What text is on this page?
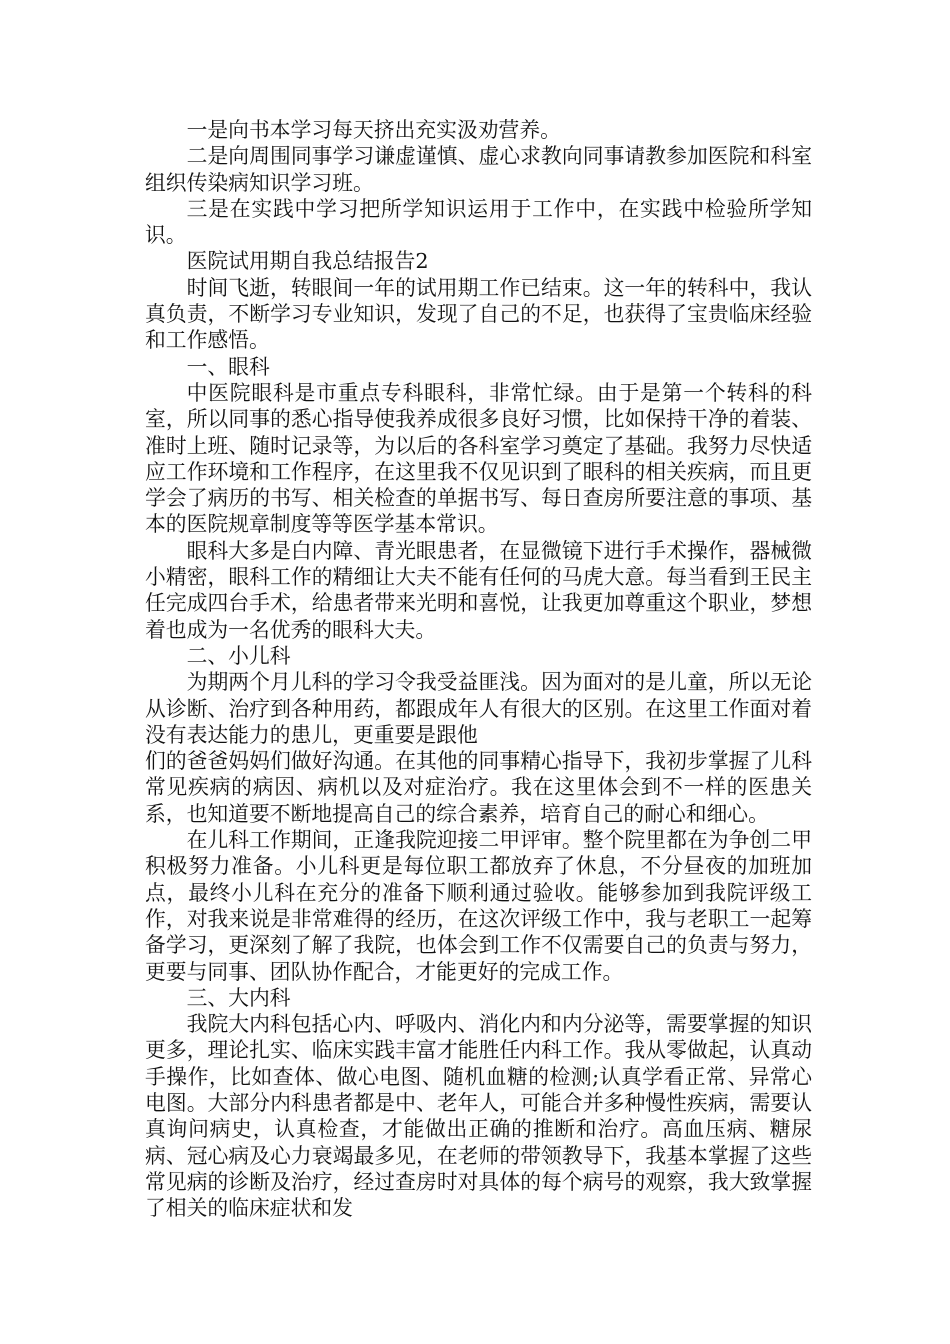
一是向书本学习每天挤出充实汲劝营养。

二是向周围同事学习谦虚谨慎、虚心求教向同事请教参加医院和科室组织传染病知识学习班。

三是在实践中学习把所学知识运用于工作中，在实践中检验所学知识。

医院试用期自我总结报告2

时间飞逝，转眼间一年的试用期工作已结束。这一年的转科中，我认真负责，不断学习专业知识，发现了自己的不足，也获得了宝贵临床经验和工作感悟。

一、眼科

中医院眼科是市重点专科眼科，非常忙绿。由于是第一个转科的科室，所以同事的悉心指导使我养成很多良好习惯，比如保持干净的着装、准时上班、随时记录等，为以后的各科室学习奠定了基础。我努力尽快适应工作环境和工作程序，在这里我不仅见识到了眼科的相关疾病，而且更学会了病历的书写、相关检查的单据书写、每日查房所要注意的事项、基本的医院规章制度等等医学基本常识。

眼科大多是白内障、青光眼患者，在显微镜下进行手术操作，器械微小精密，眼科工作的精细让大夫不能有任何的马虎大意。每当看到王民主任完成四台手术，给患者带来光明和喜悦，让我更加尊重这个职业，梦想着也成为一名优秀的眼科大夫。

二、小儿科

为期两个月儿科的学习令我受益匪浅。因为面对的是儿童，所以无论从诊断、治疗到各种用药，都跟成年人有很大的区别。在这里工作面对着没有表达能力的患儿，更重要是跟他

们的爸爸妈妈们做好沟通。在其他的同事精心指导下，我初步掌握了儿科常见疾病的病因、病机以及对症治疗。我在这里体会到不一样的医患关系，也知道要不断地提高自己的综合素养，培育自己的耐心和细心。

在儿科工作期间，正逢我院迎接二甲评审。整个院里都在为争创二甲积极努力准备。小儿科更是每位职工都放弃了休息，不分昼夜的加班加点，最终小儿科在充分的准备下顺利通过验收。能够参加到我院评级工作，对我来说是非常难得的经历，在这次评级工作中，我与老职工一起筹备学习，更深刻了解了我院，也体会到工作不仅需要自己的负责与努力，更要与同事、团队协作配合，才能更好的完成工作。

三、大内科

我院大内科包括心内、呼吸内、消化内和内分泌等，需要掌握的知识更多，理论扎实、临床实践丰富才能胜任内科工作。我从零做起，认真动手操作，比如查体、做心电图、随机血糖的检测;认真学看正常、异常心电图。大部分内科患者都是中、老年人，可能合并多种慢性疾病，需要认真询问病史，认真检查，才能做出正确的推断和治疗。高血压病、糖尿病、冠心病及心力衰竭最多见，在老师的带领教导下，我基本掌握了这些常见病的诊断及治疗，经过查房时对具体的每个病号的观察，我大致掌握了相关的临床症状和发
